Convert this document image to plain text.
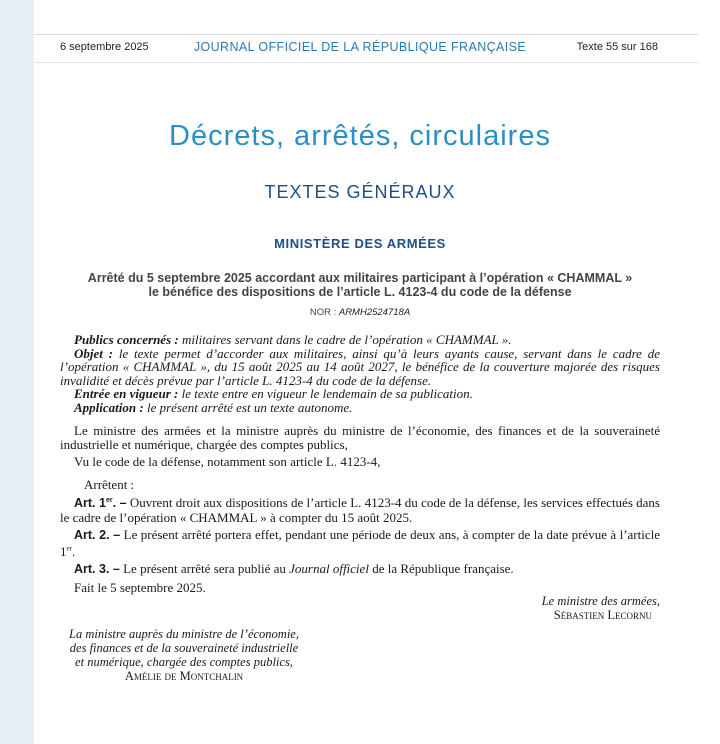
6 septembre 2025	JOURNAL OFFICIEL DE LA RÉPUBLIQUE FRANÇAISE	Texte 55 sur 168
Décrets, arrêtés, circulaires
TEXTES GÉNÉRAUX
MINISTÈRE DES ARMÉES
Arrêté du 5 septembre 2025 accordant aux militaires participant à l’opération « CHAMMAL »
le bénéfice des dispositions de l’article L. 4123-4 du code de la défense
NOR : ARMH2524718A
Publics concernés : militaires servant dans le cadre de l’opération « CHAMMAL ».
Objet : le texte permet d’accorder aux militaires, ainsi qu’à leurs ayants cause, servant dans le cadre de l’opération « CHAMMAL », du 15 août 2025 au 14 août 2027, le bénéfice de la couverture majorée des risques invalidité et décès prévue par l’article L. 4123-4 du code de la défense.
Entrée en vigueur : le texte entre en vigueur le lendemain de sa publication.
Application : le présent arrêté est un texte autonome.
Le ministre des armées et la ministre auprès du ministre de l’économie, des finances et de la souveraineté industrielle et numérique, chargée des comptes publics,
Vu le code de la défense, notamment son article L. 4123-4,
Arrêtent :
Art. 1er. – Ouvrent droit aux dispositions de l’article L. 4123-4 du code de la défense, les services effectués dans le cadre de l’opération « CHAMMAL » à compter du 15 août 2025.
Art. 2. – Le présent arrêté portera effet, pendant une période de deux ans, à compter de la date prévue à l’article 1er.
Art. 3. – Le présent arrêté sera publié au Journal officiel de la République française.
Fait le 5 septembre 2025.
Le ministre des armées,
Sébastien Lecornu
La ministre auprès du ministre de l’économie,
des finances et de la souveraineté industrielle
et numérique, chargée des comptes publics,
Amélie de Montchalin
